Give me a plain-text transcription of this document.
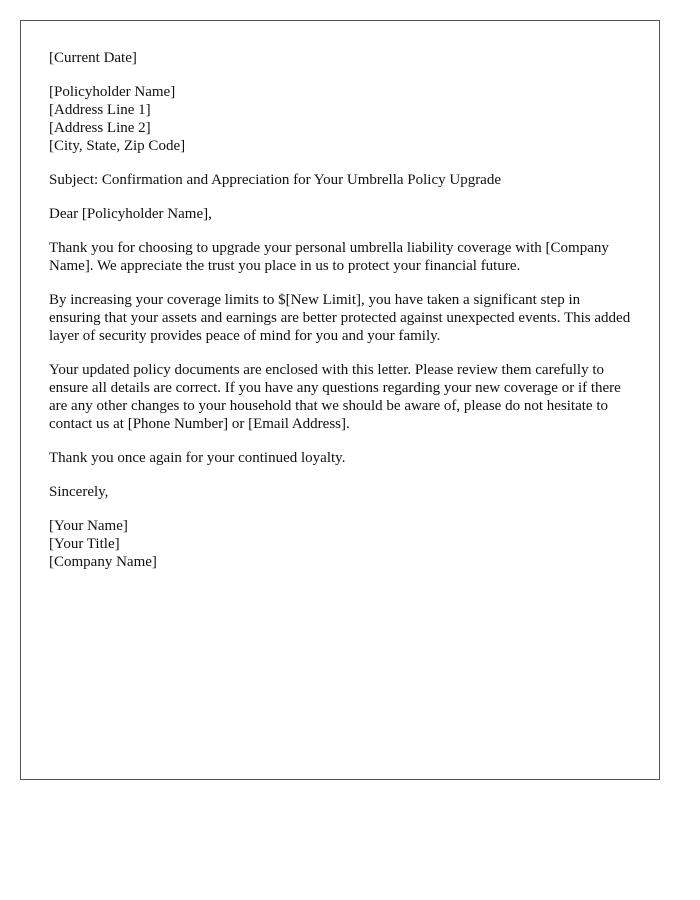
[Current Date]
[Policyholder Name]
[Address Line 1]
[Address Line 2]
[City, State, Zip Code]
Subject: Confirmation and Appreciation for Your Umbrella Policy Upgrade
Dear [Policyholder Name],

Thank you for choosing to upgrade your personal umbrella liability coverage with [Company Name]. We appreciate the trust you place in us to protect your financial future.

By increasing your coverage limits to $[New Limit], you have taken a significant step in ensuring that your assets and earnings are better protected against unexpected events. This added layer of security provides peace of mind for you and your family.

Your updated policy documents are enclosed with this letter. Please review them carefully to ensure all details are correct. If you have any questions regarding your new coverage or if there are any other changes to your household that we should be aware of, please do not hesitate to contact us at [Phone Number] or [Email Address].

Thank you once again for your continued loyalty.

Sincerely,
[Your Name]
[Your Title]
[Company Name]
